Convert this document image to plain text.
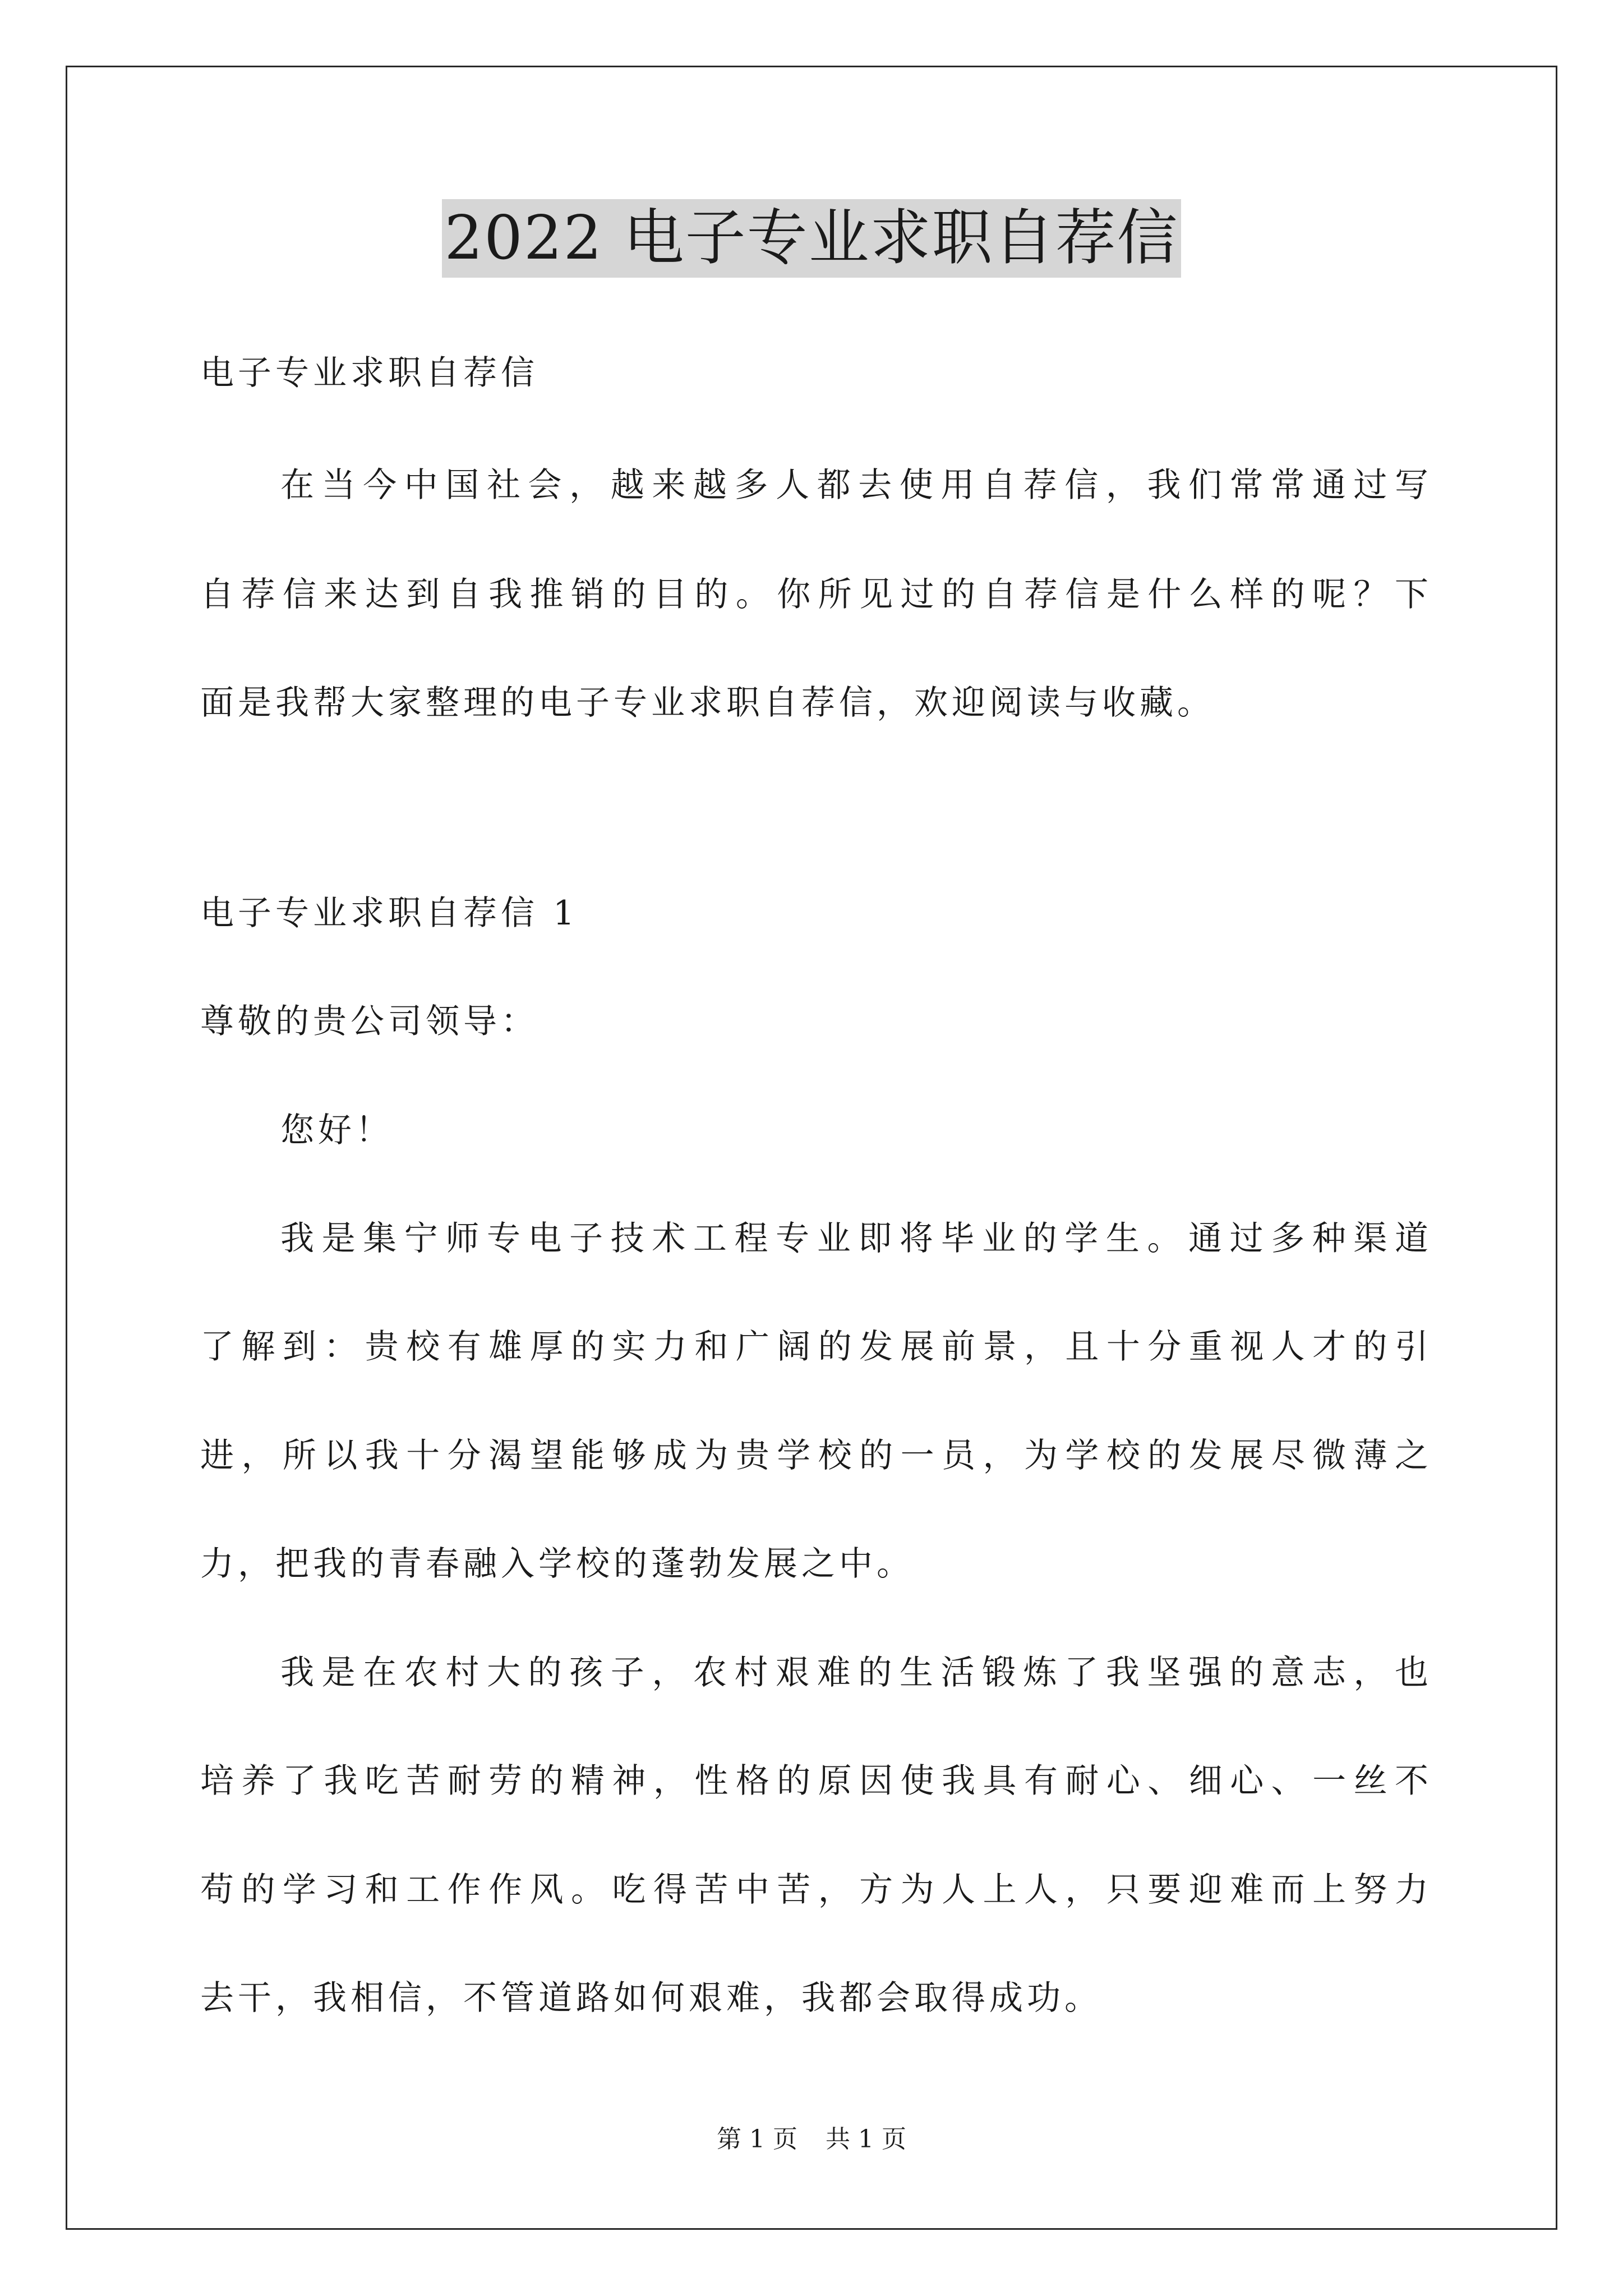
2022 电子专业求职自荐信

电子专业求职自荐信

在当今中国社会，越来越多人都去使用自荐信，我们常常通过写

自荐信来达到自我推销的目的。你所见过的自荐信是什么样的呢？下

面是我帮大家整理的电子专业求职自荐信，欢迎阅读与收藏。

电子专业求职自荐信 1

尊敬的贵公司领导：

您好！

我是集宁师专电子技术工程专业即将毕业的学生。通过多种渠道

了解到：贵校有雄厚的实力和广阔的发展前景，且十分重视人才的引

进，所以我十分渴望能够成为贵学校的一员，为学校的发展尽微薄之

力，把我的青春融入学校的蓬勃发展之中。

我是在农村大的孩子，农村艰难的生活锻炼了我坚强的意志，也

培养了我吃苦耐劳的精神，性格的原因使我具有耐心、细心、一丝不

苟的学习和工作作风。吃得苦中苦，方为人上人，只要迎难而上努力

去干，我相信，不管道路如何艰难，我都会取得成功。

第 1 页 共 1 页
